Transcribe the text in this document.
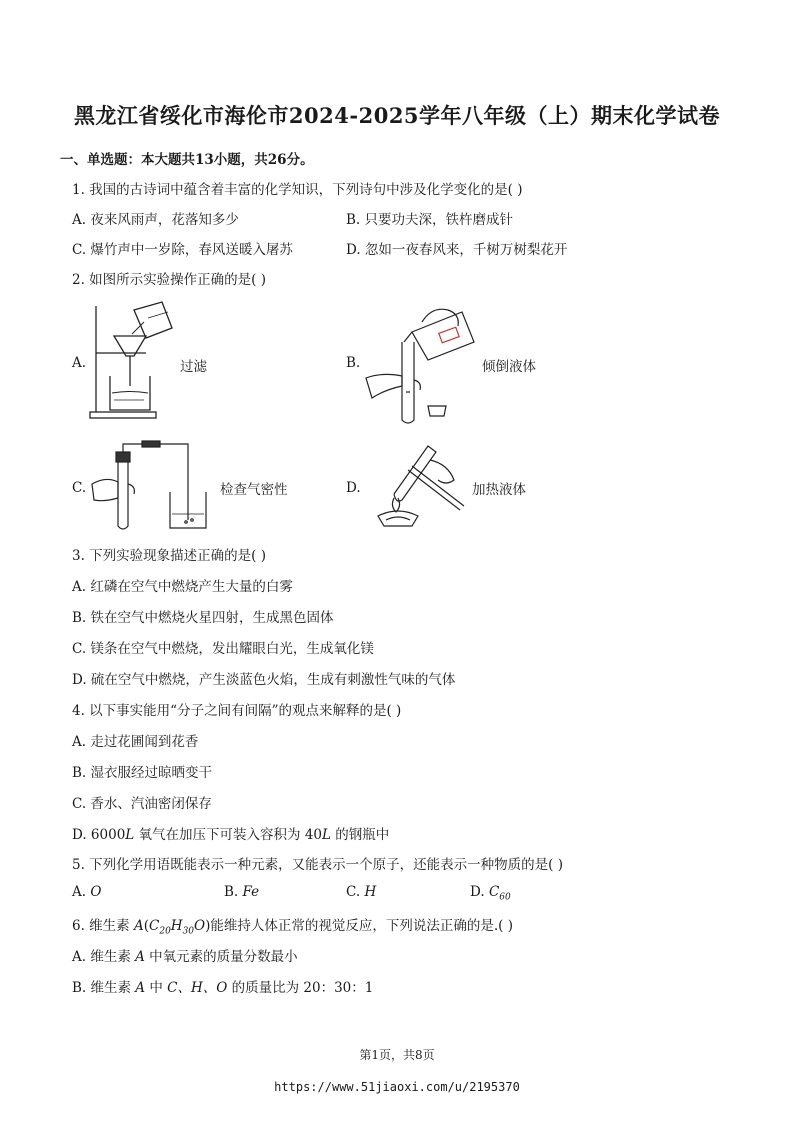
黑龙江省绥化市海伦市2024-2025学年八年级（上）期末化学试卷
一、单选题：本大题共13小题，共26分。
1. 我国的古诗词中蕴含着丰富的化学知识，下列诗句中涉及化学变化的是( )
A. 夜来风雨声，花落知多少	B. 只要功夫深，铁杵磨成针
C. 爆竹声中一岁除，春风送暖入屠苏	D. 忽如一夜春风来，千树万树梨花开
2. 如图所示实验操作正确的是( )
A.	过滤	B.	倾倒液体
C.	检查气密性	D.	加热液体
3. 下列实验现象描述正确的是( )
A. 红磷在空气中燃烧产生大量的白雾
B. 铁在空气中燃烧火星四射，生成黑色固体
C. 镁条在空气中燃烧，发出耀眼白光，生成氧化镁
D. 硫在空气中燃烧，产生淡蓝色火焰，生成有刺激性气味的气体
4. 以下事实能用“分子之间有间隔”的观点来解释的是( )
A. 走过花圃闻到花香
B. 湿衣服经过晾晒变干
C. 香水、汽油密闭保存
D. 6000L 氧气在加压下可装入容积为 40L 的钢瓶中
5. 下列化学用语既能表示一种元素，又能表示一个原子，还能表示一种物质的是( )
A. O	B. Fe	C. H	D. $C_{60}$
6. 维生素 $A(C_{20}H_{30}O)$能维持人体正常的视觉反应，下列说法正确的是.( )
A. 维生素 A 中氧元素的质量分数最小
B. 维生素 A 中 C、H、O 的质量比为 20：30：1
第1页，共8页
https://www.51jiaoxi.com/u/2195370
